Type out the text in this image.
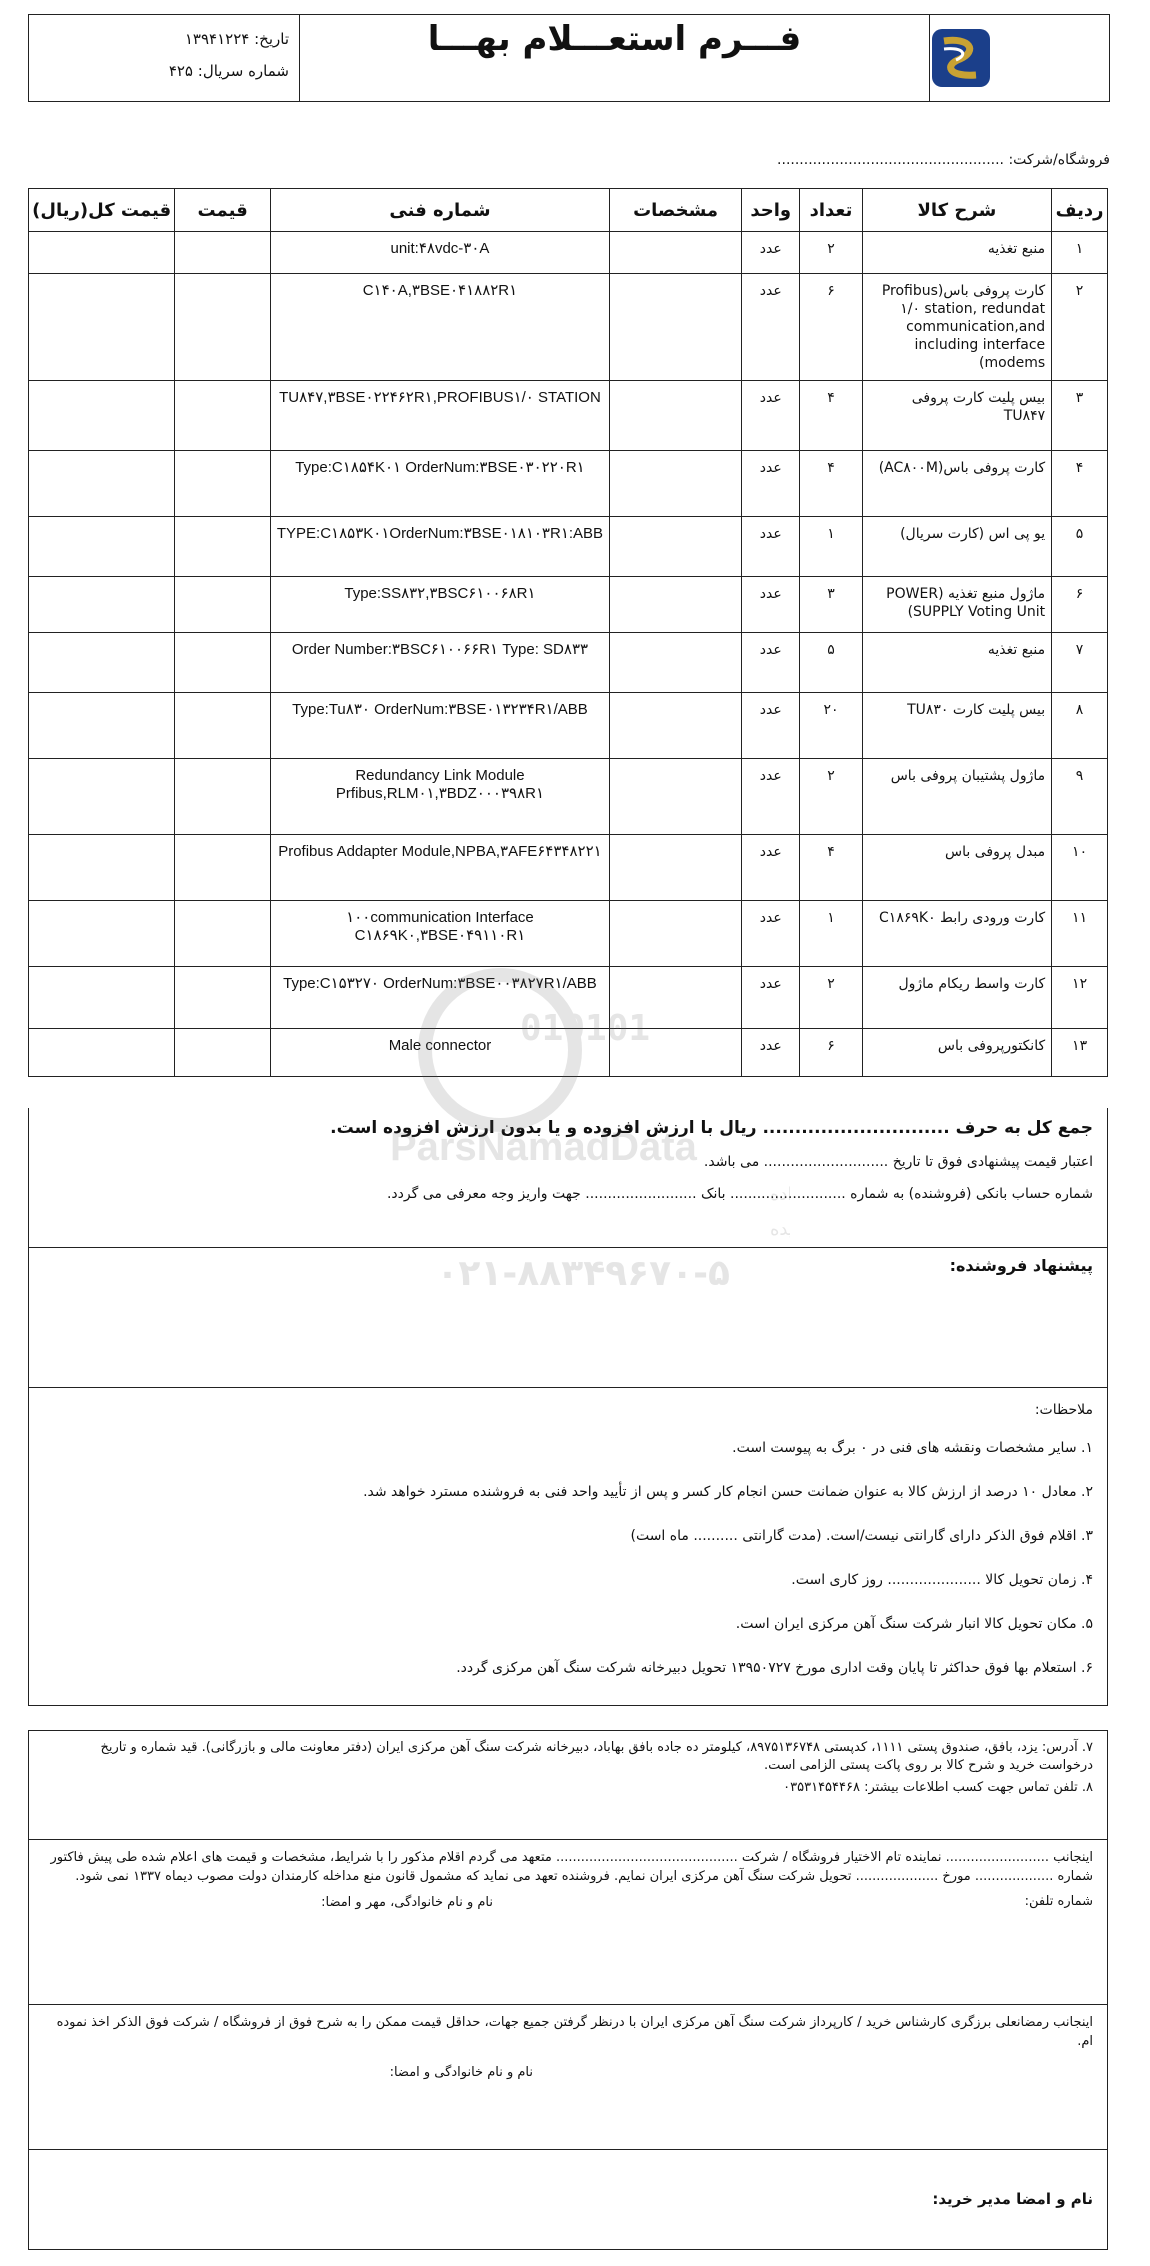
فـــرم استعـــلام بهـــا
تاریخ: ۱۳۹۴۱۲۲۴
شماره سریال: ۴۲۵
فروشگاه/شرکت: ...................................................
ردیف	شرح کالا	تعداد	واحد	مشخصات	شماره فنی	قیمت	قیمت کل(ریال)
۱	منبع تغذیه	۲	عدد		unit:۴۸vdc-۳۰A		
۲	کارت پروفی باس(Profibus ۱/۰ station, redundat communication,and including interface modems)	۶	عدد		C۱۴۰A,۳BSE۰۴۱۸۸۲R۱		
۳	بیس پلیت کارت پروفی TU۸۴۷	۴	عدد		TU۸۴۷,۳BSE۰۲۲۴۶۲R۱,PROFIBUS۱/۰ STATION		
۴	کارت پروفی باس(AC۸۰۰M)	۴	عدد		Type:C۱۸۵۴K۰۱ OrderNum:۳BSE۰۳۰۲۲۰R۱		
۵	یو پی اس (کارت سریال)	۱	عدد		TYPE:C۱۸۵۳K۰۱OrderNum:۳BSE۰۱۸۱۰۳R۱:ABB		
۶	ماژول منبع تغذیه (POWER SUPPLY Voting Unit)	۳	عدد		Type:SS۸۳۲,۳BSC۶۱۰۰۶۸R۱		
۷	منبع تغذیه	۵	عدد		Order Number:۳BSC۶۱۰۰۶۶R۱ Type: SD۸۳۳		
۸	بیس پلیت کارت TU۸۳۰	۲۰	عدد		Type:Tu۸۳۰ OrderNum:۳BSE۰۱۳۲۳۴R۱/ABB		
۹	ماژول پشتیبان پروفی باس	۲	عدد		Redundancy Link Module Prfibus,RLM۰۱,۳BDZ۰۰۰۳۹۸R۱		
۱۰	مبدل پروفی باس	۴	عدد		Profibus Addapter Module,NPBA,۳AFE۶۴۳۴۸۲۲۱		
۱۱	کارت ورودی رابط C۱۸۶۹K۰	۱	عدد		۱۰۰communication Interface C۱۸۶۹K۰,۳BSE۰۴۹۱۱۰R۱		
۱۲	کارت واسط ریکام ماژول	۲	عدد		Type:C۱۵۳۲۷۰ OrderNum:۳BSE۰۰۳۸۲۷R۱/ABB		
۱۳	کانکتورپروفی باس	۶	عدد		Male connector		
جمع کل به حرف ............................. ریال با ارزش افزوده و یا بدون ارزش افزوده است.
اعتبار قیمت پیشنهادی فوق تا تاریخ ............................ می باشد.
شماره حساب بانکی (فروشنده) به شماره .......................... بانک ......................... جهت واریز وجه معرفی می گردد.
پیشنهاد فروشنده:

ملاحظات:

۱. سایر مشخصات ونقشه های فنی در ۰ برگ به پیوست است.

۲. معادل ۱۰ درصد از ارزش کالا به عنوان ضمانت حسن انجام کار کسر و پس از تأیید واحد فنی به فروشنده مسترد خواهد شد.

۳. اقلام فوق الذکر دارای گارانتی نیست/است. (مدت گارانتی .......... ماه است)

۴. زمان تحویل کالا ..................... روز کاری است.

۵. مکان تحویل کالا انبار شرکت سنگ آهن مرکزی ایران است.

۶. استعلام بها فوق حداکثر تا پایان وقت اداری مورخ ۱۳۹۵۰۷۲۷ تحویل دبیرخانه شرکت سنگ آهن مرکزی گردد.

۷. آدرس: یزد، بافق، صندوق پستی ۱۱۱۱، کدپستی ۸۹۷۵۱۳۶۷۴۸، کیلومتر ده جاده بافق بهاباد، دبیرخانه شرکت سنگ آهن مرکزی ایران (دفتر معاونت مالی و بازرگانی). قید شماره و تاریخ درخواست خرید و شرح کالا بر روی پاکت پستی الزامی است.
۸. تلفن تماس جهت کسب اطلاعات بیشتر: ۰۳۵۳۱۴۵۴۴۶۸
اینجانب ......................... نماینده تام الاختیار فروشگاه / شرکت ............................................ متعهد می گردم اقلام مذکور را با شرایط، مشخصات و قیمت های اعلام شده طی پیش فاکتور شماره ................... مورخ .................... تحویل شرکت سنگ آهن مرکزی ایران نمایم. فروشنده تعهد می نماید که مشمول قانون منع مداخله کارمندان دولت مصوب دیماه ۱۳۳۷ نمی شود.
شماره تلفن:
نام و نام خانوادگی، مهر و امضا:
اینجانب رمضانعلی برزگری کارشناس خرید / کارپرداز شرکت سنگ آهن مرکزی ایران با درنظر گرفتن جمیع جهات، حداقل قیمت ممکن را به شرح فوق از فروشگاه / شرکت فوق الذکر اخذ نموده ام.
نام و نام خانوادگی و امضا:
نام و امضا مدیر خرید:
010101
ParsNamadData
اده
ده
۰۲۱-۸۸۳۴۹۶۷۰-۵
